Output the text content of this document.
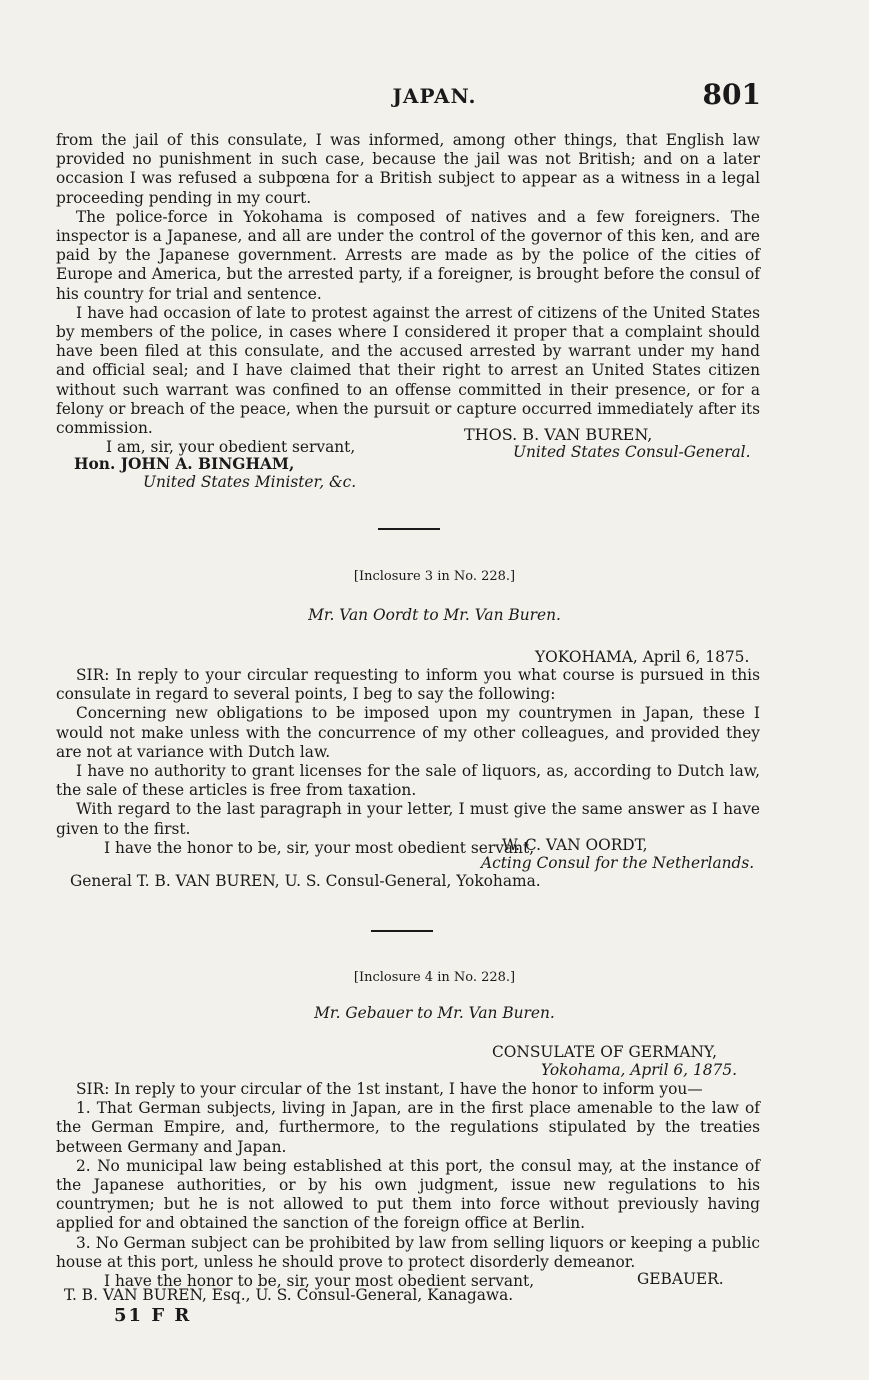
JAPAN.	801

from the jail of this consulate, I was informed, among other things, that English law provided no punishment in such case, because the jail was not British; and on a later occasion I was refused a subpœna for a British subject to appear as a witness in a legal proceeding pending in my court.

The police-force in Yokohama is composed of natives and a few foreigners. The inspector is a Japanese, and all are under the control of the governor of this ken, and are paid by the Japanese government. Arrests are made as by the police of the cities of Europe and America, but the arrested party, if a foreigner, is brought before the consul of his country for trial and sentence.

I have had occasion of late to protest against the arrest of citizens of the United States by members of the police, in cases where I considered it proper that a complaint should have been filed at this consulate, and the accused arrested by warrant under my hand and official seal; and I have claimed that their right to arrest an United States citizen without such warrant was confined to an offense committed in their presence, or for a felony or breach of the peace, when the pursuit or capture occurred immediately after its commission.

I am, sir, your obedient servant,

THOS. B. VAN BUREN,
United States Consul-General.
Hon. JOHN A. BINGHAM,
United States Minister, &c.
[Inclosure 3 in No. 228.]
Mr. Van Oordt to Mr. Van Buren.
YOKOHAMA, April 6, 1875.

SIR: In reply to your circular requesting to inform you what course is pursued in this consulate in regard to several points, I beg to say the following:

Concerning new obligations to be imposed upon my countrymen in Japan, these I would not make unless with the concurrence of my other colleagues, and provided they are not at variance with Dutch law.

I have no authority to grant licenses for the sale of liquors, as, according to Dutch law, the sale of these articles is free from taxation.

With regard to the last paragraph in your letter, I must give the same answer as I have given to the first.

I have the honor to be, sir, your most obedient servant,

W. C. VAN OORDT,
Acting Consul for the Netherlands.
General T. B. VAN BUREN, U. S. Consul-General, Yokohama.
[Inclosure 4 in No. 228.]
Mr. Gebauer to Mr. Van Buren.
CONSULATE OF GERMANY,
Yokohama, April 6, 1875.

SIR: In reply to your circular of the 1st instant, I have the honor to inform you—

1. That German subjects, living in Japan, are in the first place amenable to the law of the German Empire, and, furthermore, to the regulations stipulated by the treaties between Germany and Japan.

2. No municipal law being established at this port, the consul may, at the instance of the Japanese authorities, or by his own judgment, issue new regulations to his countrymen; but he is not allowed to put them into force without previously having applied for and obtained the sanction of the foreign office at Berlin.

3. No German subject can be prohibited by law from selling liquors or keeping a public house at this port, unless he should prove to protect disorderly demeanor.

I have the honor to be, sir, your most obedient servant,	GEBAUER.
T. B. VAN BUREN, Esq., U. S. Consul-General, Kanagawa.
51 F R
